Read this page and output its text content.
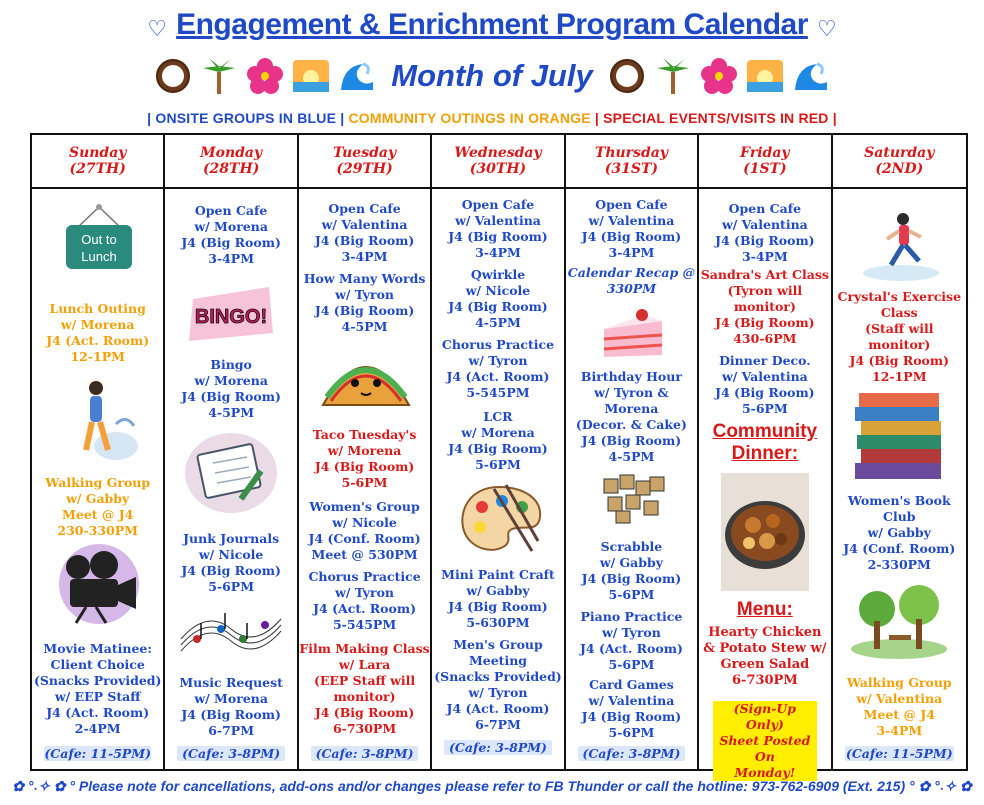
♡ Engagement & Enrichment Program Calendar ♡
Month of July
| ONSITE GROUPS IN BLUE | COMMUNITY OUTINGS IN ORANGE | SPECIAL EVENTS/VISITS IN RED |
Sunday
(27TH)
Out to
Lunch
Lunch Outing
w/ Morena
J4 (Act. Room)
12-1PM
Walking Group
w/ Gabby
Meet @ J4
230-330PM
Movie Matinee:
Client Choice
(Snacks Provided)
w/ EEP Staff
J4 (Act. Room)
2-4PM
(Cafe: 11-5PM)
Monday
(28TH)
Open Cafe
w/ Morena
J4 (Big Room)
3-4PM
BINGO!
Bingo
w/ Morena
J4 (Big Room)
4-5PM
Junk Journals
w/ Nicole
J4 (Big Room)
5-6PM
Music Request
w/ Morena
J4 (Big Room)
6-7PM
(Cafe: 3-8PM)
Tuesday
(29TH)
Open Cafe
w/ Valentina
J4 (Big Room)
3-4PM
How Many Words
w/ Tyron
J4 (Big Room)
4-5PM
Taco Tuesday's
w/ Morena
J4 (Big Room)
5-6PM
Women's Group
w/ Nicole
J4 (Conf. Room)
Meet @ 530PM
Chorus Practice
w/ Tyron
J4 (Act. Room)
5-545PM
Film Making Class
w/ Lara
(EEP Staff will
monitor)
J4 (Big Room)
6-730PM
(Cafe: 3-8PM)
Wednesday
(30TH)
Open Cafe
w/ Valentina
J4 (Big Room)
3-4PM
Qwirkle
w/ Nicole
J4 (Big Room)
4-5PM
Chorus Practice
w/ Tyron
J4 (Act. Room)
5-545PM
LCR
w/ Morena
J4 (Big Room)
5-6PM
Mini Paint Craft
w/ Gabby
J4 (Big Room)
5-630PM
Men's Group
Meeting
(Snacks Provided)
w/ Tyron
J4 (Act. Room)
6-7PM
(Cafe: 3-8PM)
Thursday
(31ST)
Open Cafe
w/ Valentina
J4 (Big Room)
3-4PM
Calendar Recap @
330PM
Birthday Hour
w/ Tyron &
Morena
(Decor. & Cake)
J4 (Big Room)
4-5PM
Scrabble
w/ Gabby
J4 (Big Room)
5-6PM
Piano Practice
w/ Tyron
J4 (Act. Room)
5-6PM
Card Games
w/ Valentina
J4 (Big Room)
5-6PM
(Cafe: 3-8PM)
Friday
(1ST)
Open Cafe
w/ Valentina
J4 (Big Room)
3-4PM
Sandra's Art Class
(Tyron will
monitor)
J4 (Big Room)
430-6PM
Dinner Deco.
w/ Valentina
J4 (Big Room)
5-6PM
Community
Dinner:
Menu:
Hearty Chicken
& Potato Stew w/
Green Salad
6-730PM
(Sign-Up Only)
Sheet Posted On
Monday!
Saturday
(2ND)
Crystal's Exercise
Class
(Staff will
monitor)
J4 (Big Room)
12-1PM
Women's Book
Club
w/ Gabby
J4 (Conf. Room)
2-330PM
Walking Group
w/ Valentina
Meet @ J4
3-4PM
(Cafe: 11-5PM)
✿ °˖✧ ✿ ° Please note for cancellations, add-ons and/or changes please refer to FB Thunder or call the hotline: 973-762-6909 (Ext. 215) ° ✿ °˖✧ ✿
